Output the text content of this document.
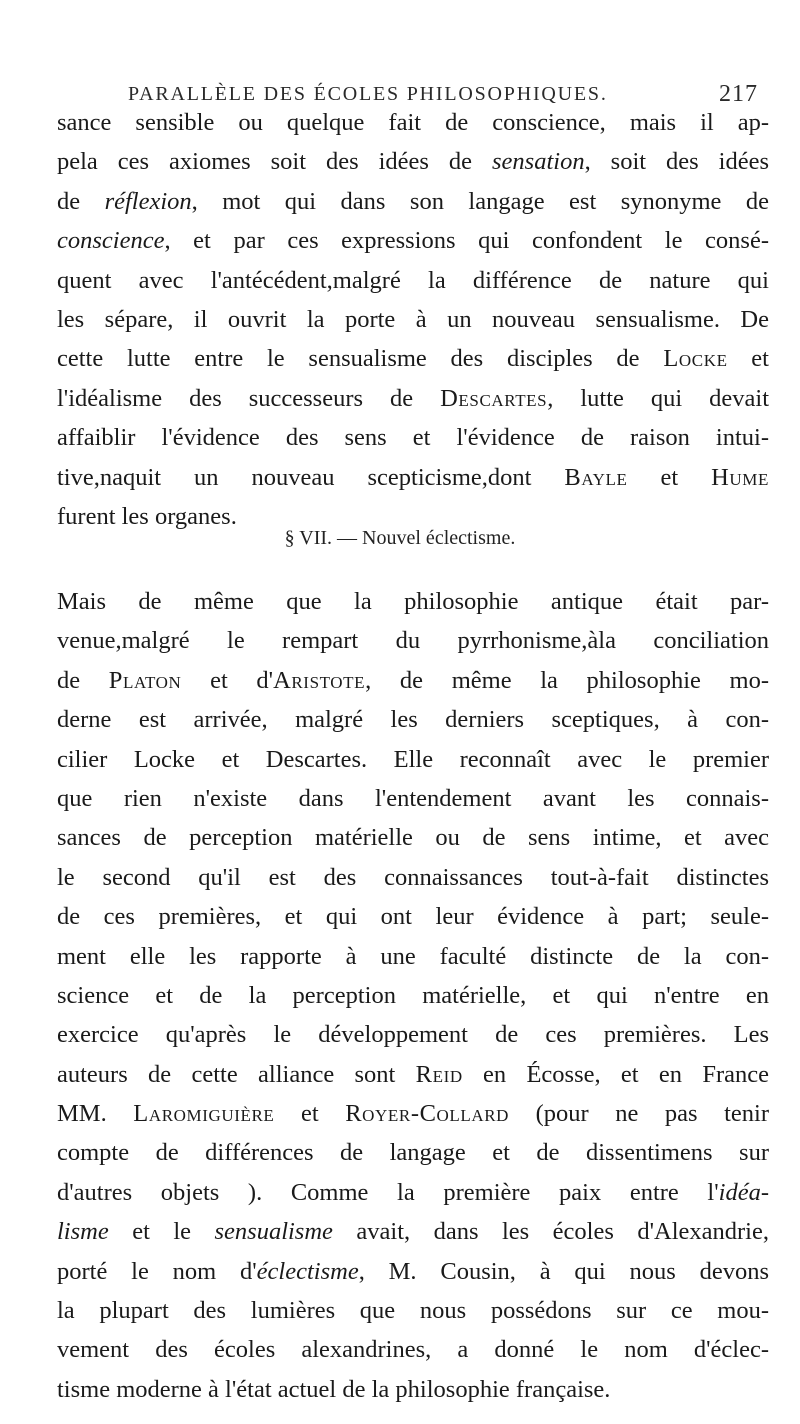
PARALLÈLE DES ÉCOLES PHILOSOPHIQUES.	217
sance sensible ou quelque fait de conscience, mais il ap-
pela ces axiomes soit des idées de sensation, soit des idées
de réflexion, mot qui dans son langage est synonyme de
conscience, et par ces expressions qui confondent le consé-
quent avec l'antécédent,malgré la différence de nature qui
les sépare, il ouvrit la porte à un nouveau sensualisme. De
cette lutte entre le sensualisme des disciples de Locke et
l'idéalisme des successeurs de Descartes, lutte qui devait
affaiblir l'évidence des sens et l'évidence de raison intui-
tive,naquit un nouveau scepticisme,dont Bayle et Hume
furent les organes.
§ VII. — Nouvel éclectisme.
Mais de même que la philosophie antique était par-
venue,malgré le rempart du pyrrhonisme,àla conciliation
de Platon et d'Aristote, de même la philosophie mo-
derne est arrivée, malgré les derniers sceptiques, à con-
cilier Locke et Descartes. Elle reconnaît avec le premier
que rien n'existe dans l'entendement avant les connais-
sances de perception matérielle ou de sens intime, et avec
le second qu'il est des connaissances tout-à-fait distinctes
de ces premières, et qui ont leur évidence à part; seule-
ment elle les rapporte à une faculté distincte de la con-
science et de la perception matérielle, et qui n'entre en
exercice qu'après le développement de ces premières. Les
auteurs de cette alliance sont Reid en Écosse, et en France
MM. Laromiguière et Royer-Collard (pour ne pas tenir
compte de différences de langage et de dissentimens sur
d'autres objets ). Comme la première paix entre l'idéa-
lisme et le sensualisme avait, dans les écoles d'Alexandrie,
porté le nom d'éclectisme, M. Cousin, à qui nous devons
la plupart des lumières que nous possédons sur ce mou-
vement des écoles alexandrines, a donné le nom d'éclec-
tisme moderne à l'état actuel de la philosophie française.
